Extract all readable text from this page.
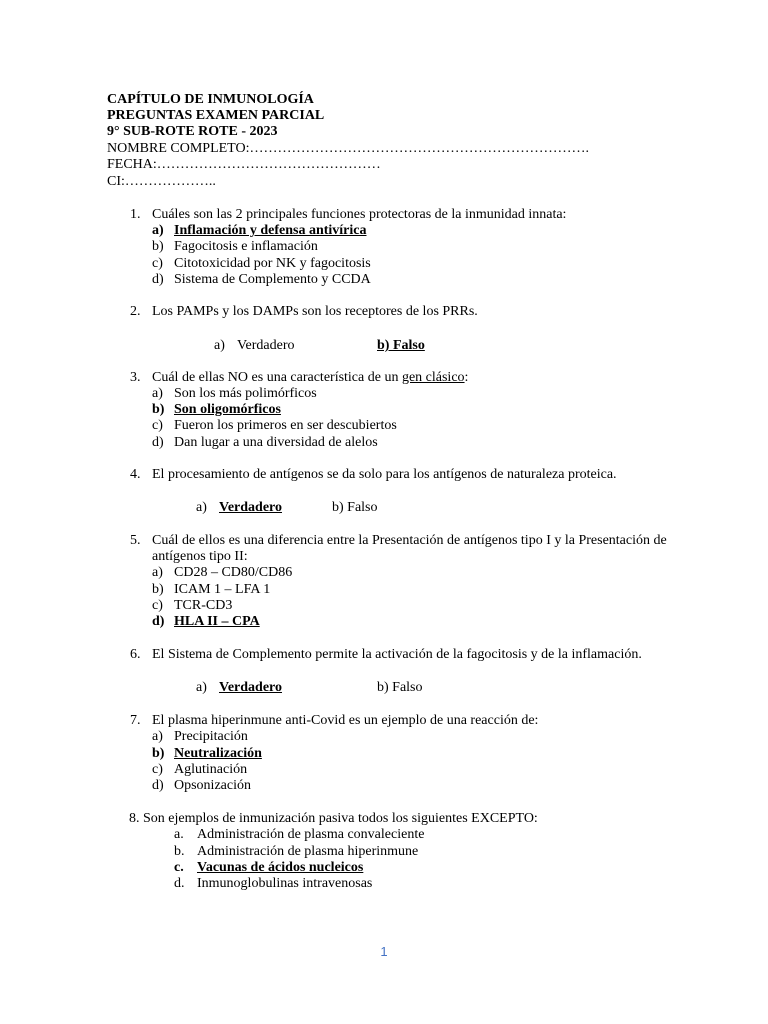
CAPÍTULO DE INMUNOLOGÍA
PREGUNTAS EXAMEN PARCIAL
9° SUB-ROTE ROTE - 2023
NOMBRE COMPLETO:……………………………………………………………….
FECHA:…………………………………………
CI:………………..
1. Cuáles son las 2 principales funciones protectoras de la inmunidad innata:
a) Inflamación y defensa antivírica
b) Fagocitosis e inflamación
c) Citotoxicidad por NK y fagocitosis
d) Sistema de Complemento y CCDA
2. Los PAMPs y los DAMPs son los receptores de los PRRs.
a) Verdadero	b) Falso
3. Cuál de ellas NO es una característica de un gen clásico:
a) Son los más polimórficos
b) Son oligomórficos
c) Fueron los primeros en ser descubiertos
d) Dan lugar a una diversidad de alelos
4. El procesamiento de antígenos se da solo para los antígenos de naturaleza proteica.
a) Verdadero	b) Falso
5. Cuál de ellos es una diferencia entre la Presentación de antígenos tipo I y la Presentación de
antígenos tipo II:
a) CD28 – CD80/CD86
b) ICAM 1 – LFA 1
c) TCR-CD3
d) HLA II – CPA
6. El Sistema de Complemento permite la activación de la fagocitosis y de la inflamación.
a) Verdadero	b) Falso
7. El plasma hiperinmune anti-Covid es un ejemplo de una reacción de:
a) Precipitación
b) Neutralización
c) Aglutinación
d) Opsonización
8. Son ejemplos de inmunización pasiva todos los siguientes EXCEPTO:
a. Administración de plasma convaleciente
b. Administración de plasma hiperinmune
c. Vacunas de ácidos nucleicos
d. Inmunoglobulinas intravenosas
1
